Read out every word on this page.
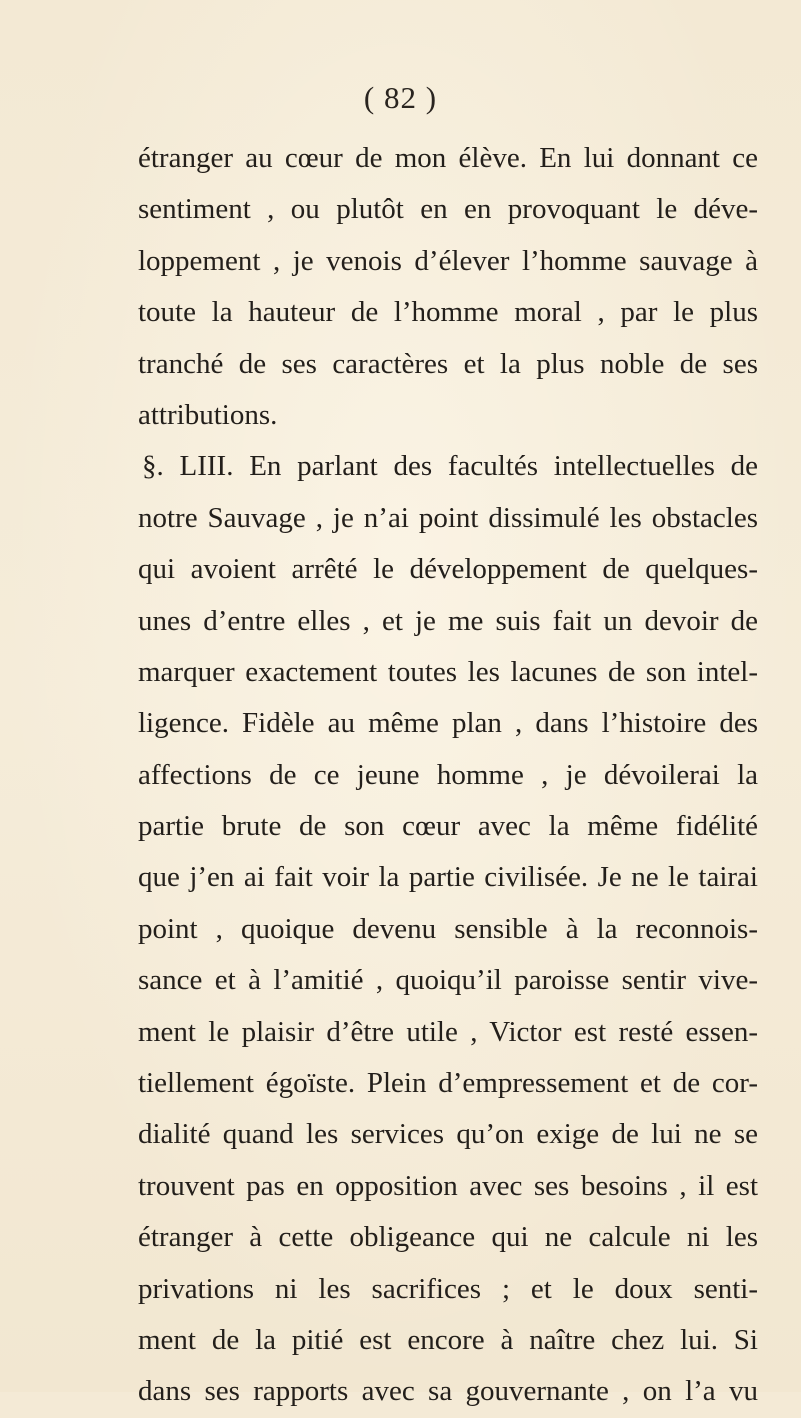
( 82 )
étranger au cœur de mon élève. En lui donnant ce
sentiment , ou plutôt en en provoquant le déve-
loppement , je venois d’élever l’homme sauvage à
toute la hauteur de l’homme moral , par le plus
tranché de ses caractères et la plus noble de ses
attributions.
§. LIII. En parlant des facultés intellectuelles de
notre Sauvage , je n’ai point dissimulé les obstacles
qui avoient arrêté le développement de quelques-
unes d’entre elles , et je me suis fait un devoir de
marquer exactement toutes les lacunes de son intel-
ligence. Fidèle au même plan , dans l’histoire des
affections de ce jeune homme , je dévoilerai la
partie brute de son cœur avec la même fidélité
que j’en ai fait voir la partie civilisée. Je ne le tairai
point , quoique devenu sensible à la reconnois-
sance et à l’amitié , quoiqu’il paroisse sentir vive-
ment le plaisir d’être utile , Victor est resté essen-
tiellement égoïste. Plein d’empressement et de cor-
dialité quand les services qu’on exige de lui ne se
trouvent pas en opposition avec ses besoins , il est
étranger à cette obligeance qui ne calcule ni les
privations ni les sacrifices ; et le doux senti-
ment de la pitié est encore à naître chez lui. Si
dans ses rapports avec sa gouvernante , on l’a vu
